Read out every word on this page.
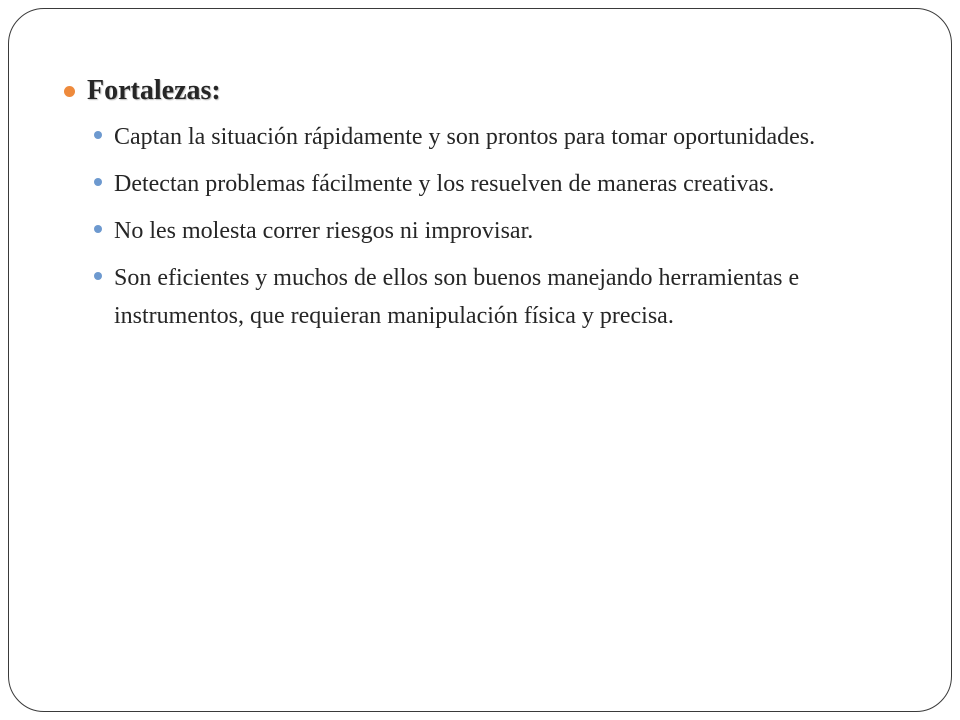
Fortalezas:
Captan la situación rápidamente y son prontos para tomar oportunidades.
Detectan problemas fácilmente y los resuelven de maneras creativas.
No les molesta correr riesgos ni improvisar.
Son eficientes y muchos de ellos son buenos manejando herramientas e instrumentos, que requieran manipulación física y precisa.
